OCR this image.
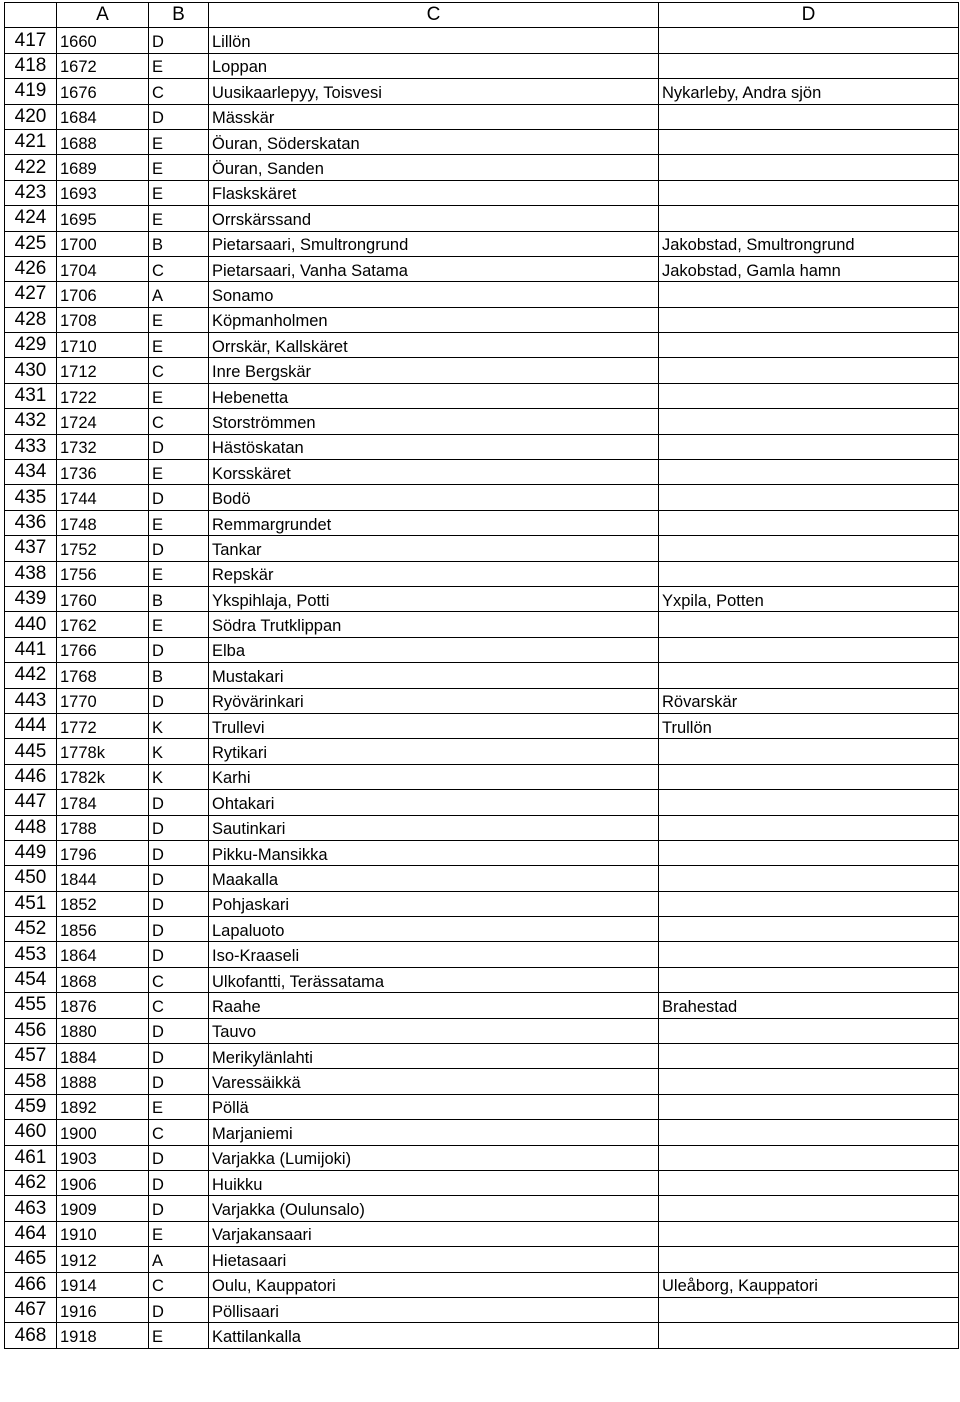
	A	B	C	D
417	1660	D	Lillön	
418	1672	E	Loppan	
419	1676	C	Uusikaarlepyy, Toisvesi	Nykarleby, Andra sjön
420	1684	D	Mässkär	
421	1688	E	Öuran, Söderskatan	
422	1689	E	Öuran, Sanden	
423	1693	E	Flaskskäret	
424	1695	E	Orrskärssand	
425	1700	B	Pietarsaari, Smultrongrund	Jakobstad, Smultrongrund
426	1704	C	Pietarsaari, Vanha Satama	Jakobstad, Gamla hamn
427	1706	A	Sonamo	
428	1708	E	Köpmanholmen	
429	1710	E	Orrskär, Kallskäret	
430	1712	C	Inre Bergskär	
431	1722	E	Hebenetta	
432	1724	C	Storströmmen	
433	1732	D	Hästöskatan	
434	1736	E	Korsskäret	
435	1744	D	Bodö	
436	1748	E	Remmargrundet	
437	1752	D	Tankar	
438	1756	E	Repskär	
439	1760	B	Ykspihlaja, Potti	Yxpila, Potten
440	1762	E	Södra Trutklippan	
441	1766	D	Elba	
442	1768	B	Mustakari	
443	1770	D	Ryövärinkari	Rövarskär
444	1772	K	Trullevi	Trullön
445	1778k	K	Rytikari	
446	1782k	K	Karhi	
447	1784	D	Ohtakari	
448	1788	D	Sautinkari	
449	1796	D	Pikku-Mansikka	
450	1844	D	Maakalla	
451	1852	D	Pohjaskari	
452	1856	D	Lapaluoto	
453	1864	D	Iso-Kraaseli	
454	1868	C	Ulkofantti, Terässatama	
455	1876	C	Raahe	Brahestad
456	1880	D	Tauvo	
457	1884	D	Merikylänlahti	
458	1888	D	Varessäikkä	
459	1892	E	Pöllä	
460	1900	C	Marjaniemi	
461	1903	D	Varjakka (Lumijoki)	
462	1906	D	Huikku	
463	1909	D	Varjakka (Oulunsalo)	
464	1910	E	Varjakansaari	
465	1912	A	Hietasaari	
466	1914	C	Oulu, Kauppatori	Uleåborg, Kauppatori
467	1916	D	Pöllisaari	
468	1918	E	Kattilankalla	
